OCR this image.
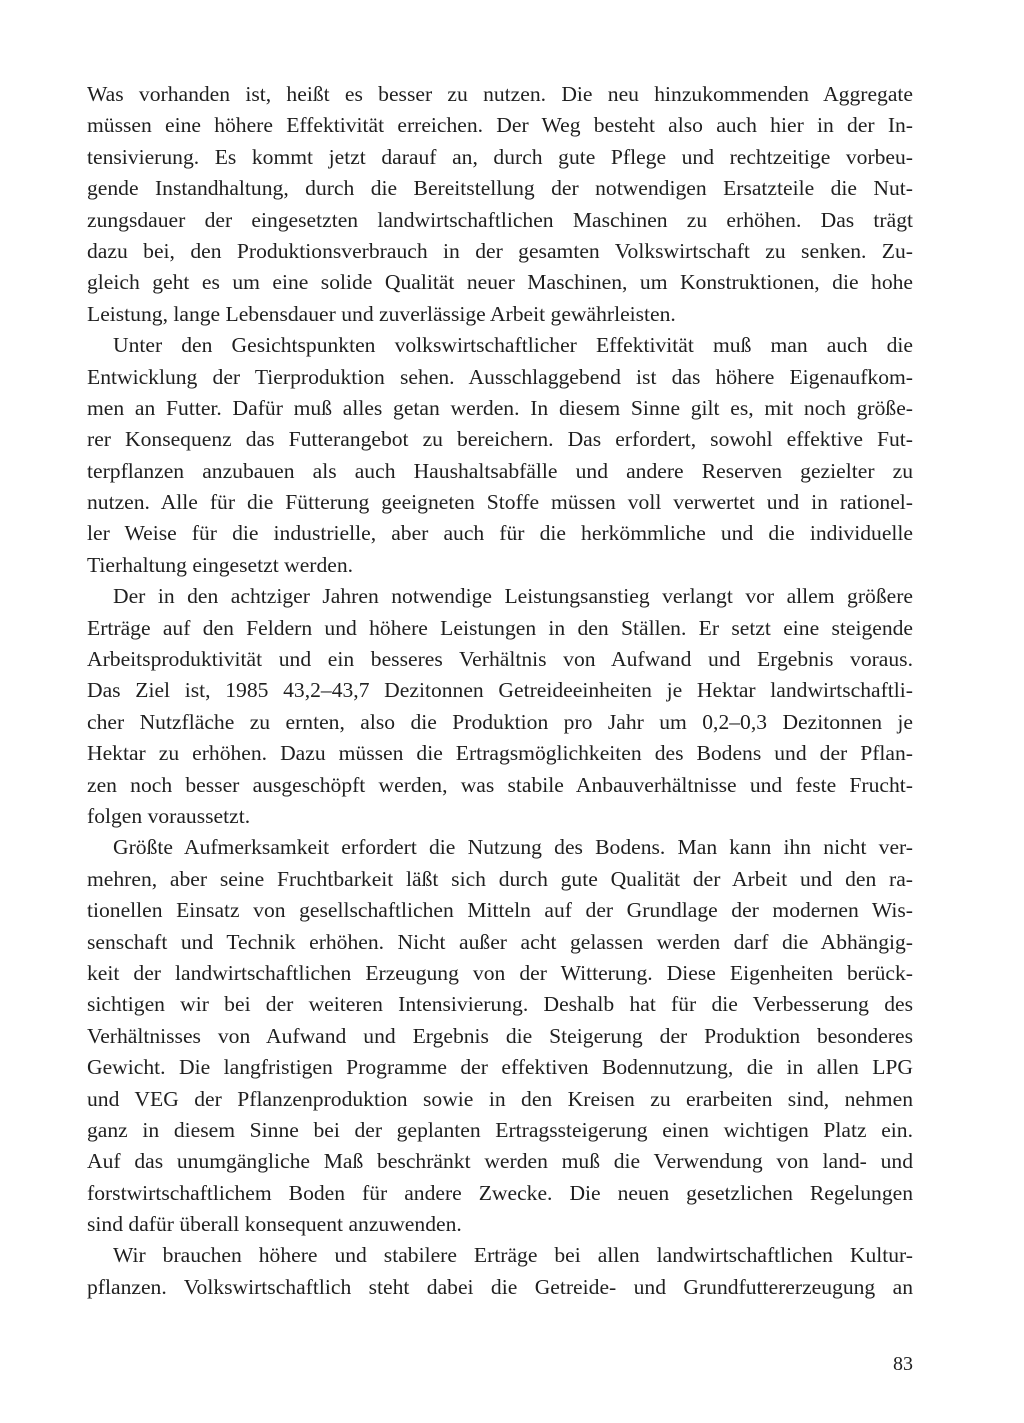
Was vorhanden ist, heißt es besser zu nutzen. Die neu hinzukommenden Aggregate
müssen eine höhere Effektivität erreichen. Der Weg besteht also auch hier in der In-
tensivierung. Es kommt jetzt darauf an, durch gute Pflege und rechtzeitige vorbeu-
gende Instandhaltung, durch die Bereitstellung der notwendigen Ersatzteile die Nut-
zungsdauer der eingesetzten landwirtschaftlichen Maschinen zu erhöhen. Das trägt
dazu bei, den Produktionsverbrauch in der gesamten Volkswirtschaft zu senken. Zu-
gleich geht es um eine solide Qualität neuer Maschinen, um Konstruktionen, die hohe
Leistung, lange Lebensdauer und zuverlässige Arbeit gewährleisten.
Unter den Gesichtspunkten volkswirtschaftlicher Effektivität muß man auch die
Entwicklung der Tierproduktion sehen. Ausschlaggebend ist das höhere Eigenaufkom-
men an Futter. Dafür muß alles getan werden. In diesem Sinne gilt es, mit noch größe-
rer Konsequenz das Futterangebot zu bereichern. Das erfordert, sowohl effektive Fut-
terpflanzen anzubauen als auch Haushaltsabfälle und andere Reserven gezielter zu
nutzen. Alle für die Fütterung geeigneten Stoffe müssen voll verwertet und in rationel-
ler Weise für die industrielle, aber auch für die herkömmliche und die individuelle
Tierhaltung eingesetzt werden.
Der in den achtziger Jahren notwendige Leistungsanstieg verlangt vor allem größere
Erträge auf den Feldern und höhere Leistungen in den Ställen. Er setzt eine steigende
Arbeitsproduktivität und ein besseres Verhältnis von Aufwand und Ergebnis voraus.
Das Ziel ist, 1985 43,2–43,7 Dezitonnen Getreideeinheiten je Hektar landwirtschaftli-
cher Nutzfläche zu ernten, also die Produktion pro Jahr um 0,2–0,3 Dezitonnen je
Hektar zu erhöhen. Dazu müssen die Ertragsmöglichkeiten des Bodens und der Pflan-
zen noch besser ausgeschöpft werden, was stabile Anbauverhältnisse und feste Frucht-
folgen voraussetzt.
Größte Aufmerksamkeit erfordert die Nutzung des Bodens. Man kann ihn nicht ver-
mehren, aber seine Fruchtbarkeit läßt sich durch gute Qualität der Arbeit und den ra-
tionellen Einsatz von gesellschaftlichen Mitteln auf der Grundlage der modernen Wis-
senschaft und Technik erhöhen. Nicht außer acht gelassen werden darf die Abhängig-
keit der landwirtschaftlichen Erzeugung von der Witterung. Diese Eigenheiten berück-
sichtigen wir bei der weiteren Intensivierung. Deshalb hat für die Verbesserung des
Verhältnisses von Aufwand und Ergebnis die Steigerung der Produktion besonderes
Gewicht. Die langfristigen Programme der effektiven Bodennutzung, die in allen LPG
und VEG der Pflanzenproduktion sowie in den Kreisen zu erarbeiten sind, nehmen
ganz in diesem Sinne bei der geplanten Ertragssteigerung einen wichtigen Platz ein.
Auf das unumgängliche Maß beschränkt werden muß die Verwendung von land- und
forstwirtschaftlichem Boden für andere Zwecke. Die neuen gesetzlichen Regelungen
sind dafür überall konsequent anzuwenden.
Wir brauchen höhere und stabilere Erträge bei allen landwirtschaftlichen Kultur-
pflanzen. Volkswirtschaftlich steht dabei die Getreide- und Grundfuttererzeugung an
83
